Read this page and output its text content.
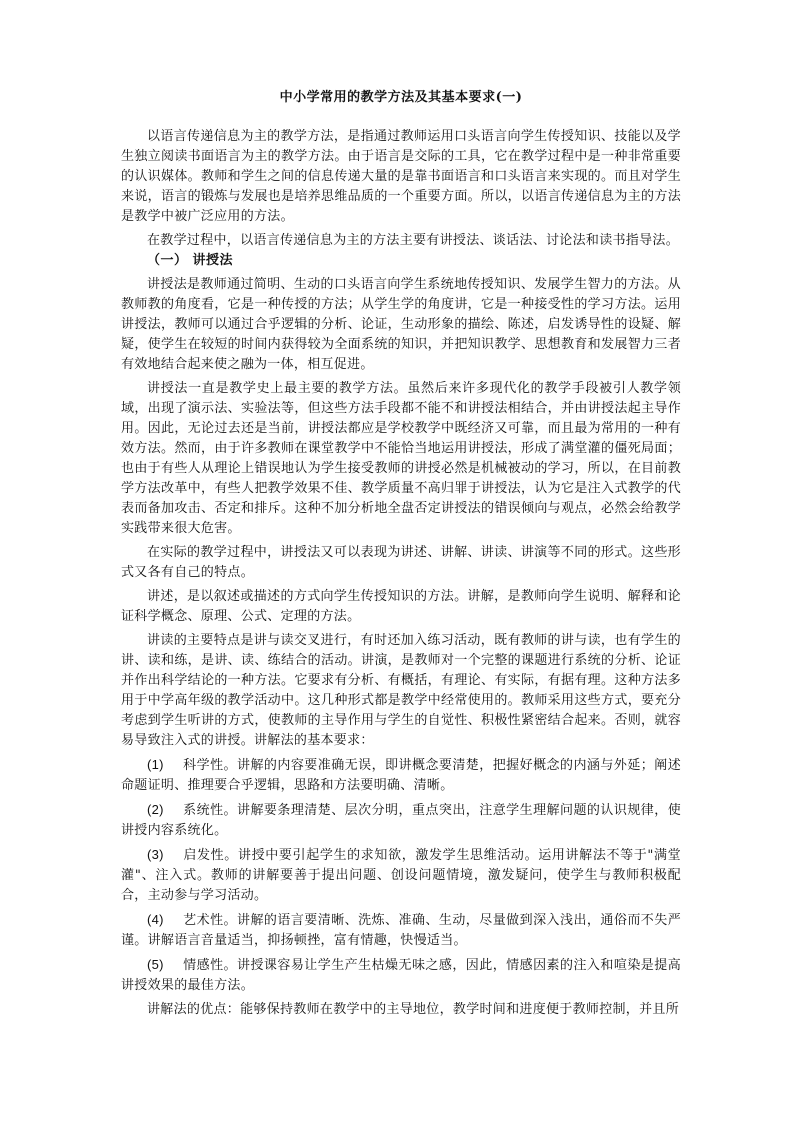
中小学常用的教学方法及其基本要求(一)

以语言传递信息为主的教学方法，是指通过教师运用口头语言向学生传授知识、技能以及学生独立阅读书面语言为主的教学方法。由于语言是交际的工具，它在教学过程中是一种非常重要的认识媒体。教师和学生之间的信息传递大量的是靠书面语言和口头语言来实现的。而且对学生来说，语言的锻炼与发展也是培养思维品质的一个重要方面。所以，以语言传递信息为主的方法是教学中被广泛应用的方法。

在教学过程中，以语言传递信息为主的方法主要有讲授法、谈话法、讨论法和读书指导法。

（一） 讲授法

讲授法是教师通过简明、生动的口头语言向学生系统地传授知识、发展学生智力的方法。从教师教的角度看，它是一种传授的方法；从学生学的角度讲，它是一种接受性的学习方法。运用讲授法，教师可以通过合乎逻辑的分析、论证，生动形象的描绘、陈述，启发诱导性的设疑、解疑，使学生在较短的时间内获得较为全面系统的知识，并把知识教学、思想教育和发展智力三者有效地结合起来使之融为一体，相互促进。

讲授法一直是教学史上最主要的教学方法。虽然后来许多现代化的教学手段被引人教学领域，出现了演示法、实验法等，但这些方法手段都不能不和讲授法相结合，并由讲授法起主导作用。因此，无论过去还是当前，讲授法都应是学校教学中既经济又可靠，而且最为常用的一种有效方法。然而，由于许多教师在课堂教学中不能恰当地运用讲授法，形成了满堂灌的僵死局面；也由于有些人从理论上错误地认为学生接受教师的讲授必然是机械被动的学习，所以，在目前教学方法改革中，有些人把教学效果不佳、教学质量不高归罪于讲授法，认为它是注入式教学的代表而备加攻击、否定和排斥。这种不加分析地全盘否定讲授法的错误倾向与观点，必然会给教学实践带来很大危害。

在实际的教学过程中，讲授法又可以表现为讲述、讲解、讲读、讲演等不同的形式。这些形式又各有自己的特点。

讲述，是以叙述或描述的方式向学生传授知识的方法。讲解，是教师向学生说明、解释和论证科学概念、原理、公式、定理的方法。

讲读的主要特点是讲与读交叉进行，有时还加入练习活动，既有教师的讲与读，也有学生的讲、读和练，是讲、读、练结合的活动。讲演，是教师对一个完整的课题进行系统的分析、论证并作出科学结论的一种方法。它要求有分析、有概括，有理论、有实际，有据有理。这种方法多用于中学高年级的教学活动中。这几种形式都是教学中经常使用的。教师采用这些方式，要充分考虑到学生听讲的方式，使教师的主导作用与学生的自觉性、积极性紧密结合起来。否则，就容易导致注入式的讲授。讲解法的基本要求：

(1) 科学性。讲解的内容要准确无误，即讲概念要清楚，把握好概念的内涵与外延；阐述命题证明、推理要合乎逻辑，思路和方法要明确、清晰。
(2) 系统性。讲解要条理清楚、层次分明，重点突出，注意学生理解问题的认识规律，使讲授内容系统化。
(3) 启发性。讲授中要引起学生的求知欲，激发学生思维活动。运用讲解法不等于"满堂灌"、注入式。教师的讲解要善于提出问题、创设问题情境，激发疑问，使学生与教师积极配合，主动参与学习活动。
(4) 艺术性。讲解的语言要清晰、洗炼、准确、生动，尽量做到深入浅出，通俗而不失严谨。讲解语言音量适当，抑扬顿挫，富有情趣，快慢适当。
(5) 情感性。讲授课容易让学生产生枯燥无味之感，因此，情感因素的注入和喧染是提高讲授效果的最佳方法。

讲解法的优点：能够保持教师在教学中的主导地位，教学时间和进度便于教师控制，并且所
